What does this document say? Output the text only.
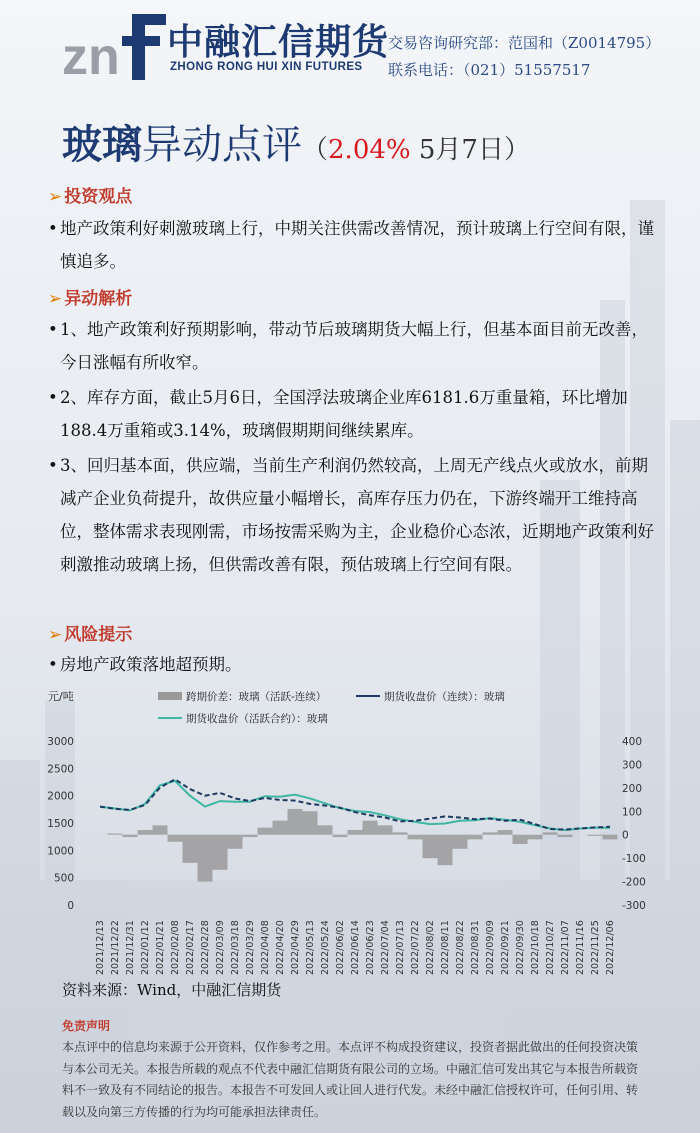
zn 中融汇信期货
ZHONG RONG HUI XIN FUTURES
交易咨询研究部：范国和（Z0014795）
联系电话：（021）51557517
玻璃异动点评（2.04% 5月7日）
➢ 投资观点
• 地产政策利好刺激玻璃上行，中期关注供需改善情况，预计玻璃上行空间有限，谨慎追多。
➢ 异动解析
• 1、地产政策利好预期影响，带动节后玻璃期货大幅上行，但基本面目前无改善，今日涨幅有所收窄。
• 2、库存方面，截止5月6日，全国浮法玻璃企业库6181.6万重量箱，环比增加188.4万重箱或3.14%，玻璃假期期间继续累库。
• 3、回归基本面，供应端，当前生产利润仍然较高，上周无产线点火或放水，前期减产企业负荷提升，故供应量小幅增长，高库存压力仍在，下游终端开工维持高位，整体需求表现刚需，市场按需采购为主，企业稳价心态浓，近期地产政策利好刺激推动玻璃上扬，但供需改善有限，预估玻璃上行空间有限。
➢ 风险提示
• 房地产政策落地超预期。
元/吨	跨期价差：玻璃（活跃-连续）	期货收盘价（连续）：玻璃
期货收盘价（活跃合约）：玻璃
3000
2500
2000
1500
1000
500
0
400
300
200
100
0
-100
-200
-300
2021/12/13 2021/12/22 2021/12/31 2022/01/12 2022/01/21 2022/02/08 2022/02/17 2022/02/28 2022/03/09 2022/03/18 2022/03/29 2022/04/08 2022/04/20 2022/04/29 2022/05/13 2022/05/24 2022/06/02 2022/06/14 2022/06/23 2022/07/04 2022/07/13 2022/07/22 2022/08/02 2022/08/11 2022/08/22 2022/08/31 2022/09/09 2022/09/21 2022/09/30 2022/10/18 2022/10/27 2022/11/07 2022/11/16 2022/11/25 2022/12/06
资料来源：Wind，中融汇信期货
免责声明
本点评中的信息均来源于公开资料，仅作参考之用。本点评不构成投资建议，投资者据此做出的任何投资决策与本公司无关。本报告所载的观点不代表中融汇信期货有限公司的立场。中融汇信可发出其它与本报告所载资料不一致及有不同结论的报告。本报告不可发回人或让回人进行代发。未经中融汇信授权许可，任何引用、转载以及向第三方传播的行为均可能承担法律责任。
